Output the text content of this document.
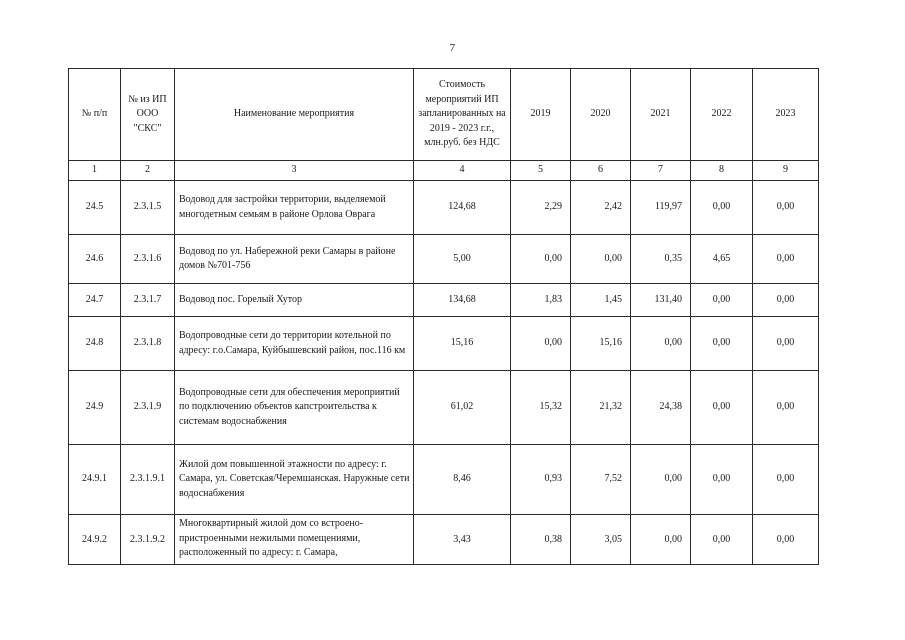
7
№ п/п	№ из ИП ООО "СКС"	Наименование мероприятия	Стоимость мероприятий ИП запланированных на 2019 - 2023 г.г., млн.руб. без НДС	2019	2020	2021	2022	2023
1	2	3	4	5	6	7	8	9
24.5	2.3.1.5	Водовод для застройки территории, выделяемой многодетным семьям в районе Орлова Оврага	124,68	2,29	2,42	119,97	0,00	0,00
24.6	2.3.1.6	Водовод по ул. Набережной реки Самары в районе домов №701-756	5,00	0,00	0,00	0,35	4,65	0,00
24.7	2.3.1.7	Водовод пос. Горелый Хутор	134,68	1,83	1,45	131,40	0,00	0,00
24.8	2.3.1.8	Водопроводные сети до территории котельной по адресу: г.о.Самара, Куйбышевский район, пос.116 км	15,16	0,00	15,16	0,00	0,00	0,00
24.9	2.3.1.9	Водопроводные сети для обеспечения мероприятий по подключению объектов капстроительства к системам водоснабжения	61,02	15,32	21,32	24,38	0,00	0,00
24.9.1	2.3.1.9.1	Жилой дом повышенной этажности по адресу: г. Самара, ул. Советская/Черемшанская. Наружные сети водоснабжения	8,46	0,93	7,52	0,00	0,00	0,00
24.9.2	2.3.1.9.2	Многоквартирный жилой дом со встроено-пристроенными нежилыми помещениями, расположенный по адресу: г. Самара,	3,43	0,38	3,05	0,00	0,00	0,00
